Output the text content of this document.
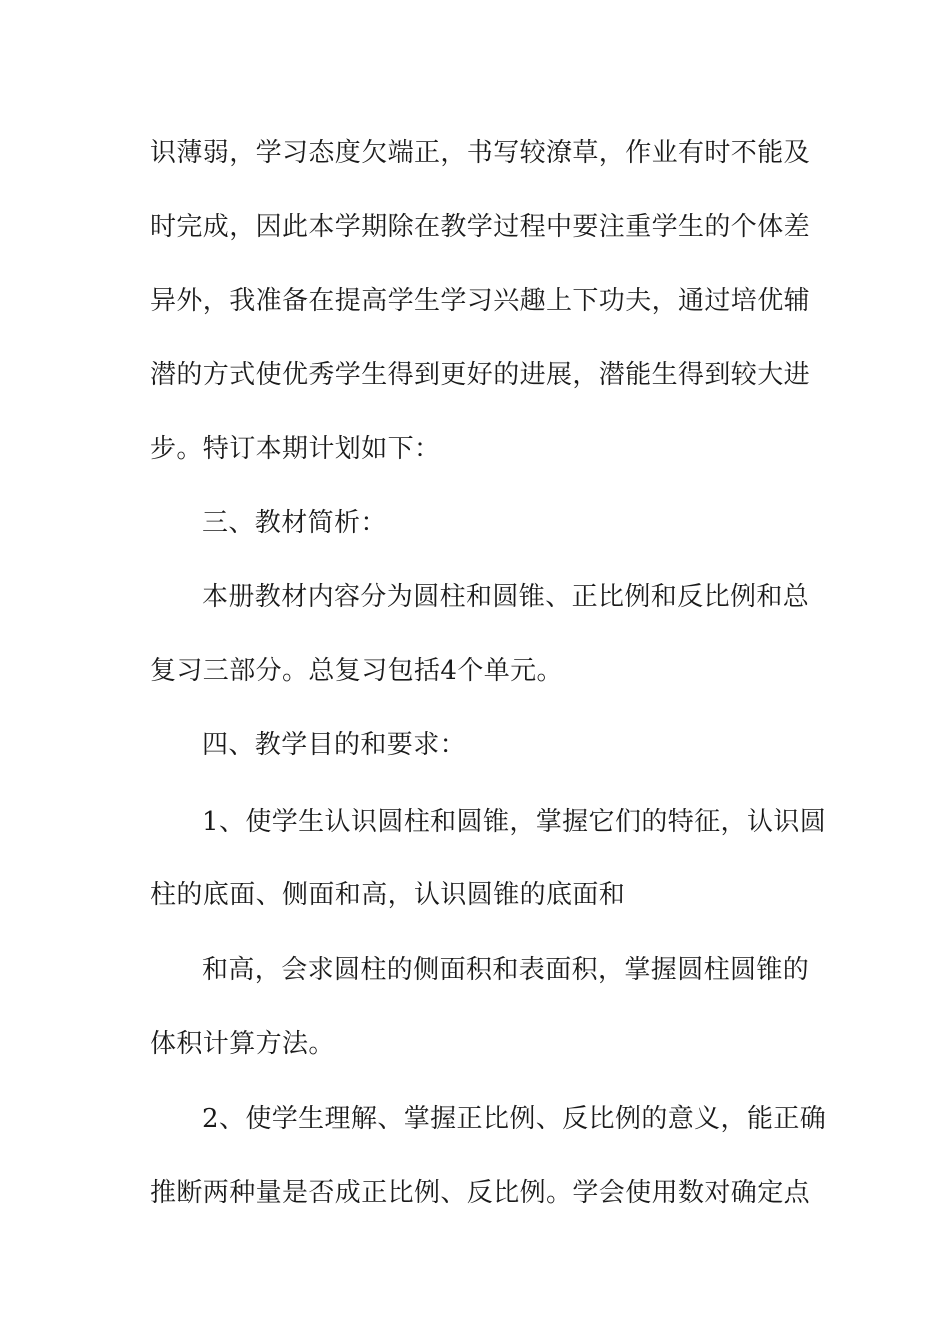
识薄弱，学习态度欠端正，书写较潦草，作业有时不能及
时完成，因此本学期除在教学过程中要注重学生的个体差
异外，我准备在提高学生学习兴趣上下功夫，通过培优辅
潜的方式使优秀学生得到更好的进展，潜能生得到较大进
步。特订本期计划如下：
三、教材简析：
本册教材内容分为圆柱和圆锥、正比例和反比例和总
复习三部分。总复习包括4个单元。
四、教学目的和要求：
1、使学生认识圆柱和圆锥，掌握它们的特征，认识圆
柱的底面、侧面和高，认识圆锥的底面和
和高，会求圆柱的侧面积和表面积，掌握圆柱圆锥的
体积计算方法。
2、使学生理解、掌握正比例、反比例的意义，能正确
推断两种量是否成正比例、反比例。学会使用数对确定点
